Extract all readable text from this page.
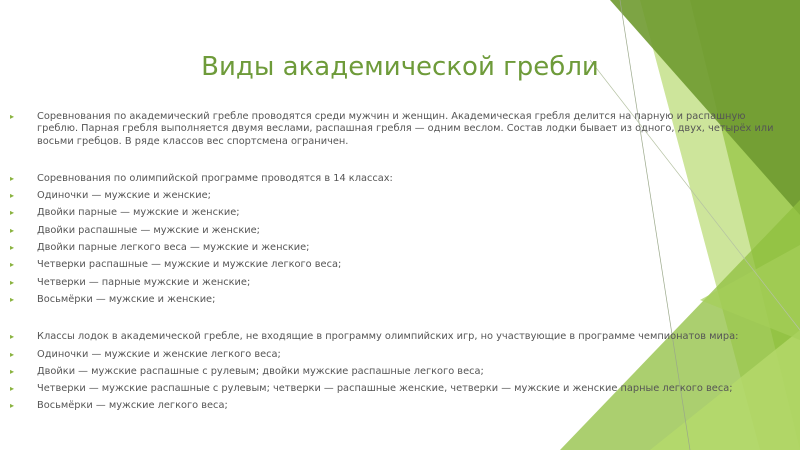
Виды академической гребли
▸ Соревнования по академический гребле проводятся среди мужчин и женщин. Академическая гребля делится на парную и распашную греблю. Парная гребля выполняется двумя веслами, распашная гребля — одним веслом. Состав лодки бывает из одного, двух, четырёх или восьми гребцов. В ряде классов вес спортсмена ограничен.
▸ Соревнования по олимпийской программе проводятся в 14 классах:
▸ Одиночки — мужские и женские;
▸ Двойки парные — мужские и женские;
▸ Двойки распашные — мужские и женские;
▸ Двойки парные легкого веса — мужские и женские;
▸ Четверки распашные — мужские и мужские легкого веса;
▸ Четверки — парные мужские и женские;
▸ Восьмёрки — мужские и женские;
▸ Классы лодок в академической гребле, не входящие в программу олимпийских игр, но участвующие в программе чемпионатов мира:
▸ Одиночки — мужские и женские легкого веса;
▸ Двойки — мужские распашные с рулевым; двойки мужские распашные легкого веса;
▸ Четверки — мужские распашные с рулевым; четверки — распашные женские, четверки — мужские и женские парные легкого веса;
▸ Восьмёрки — мужские легкого веса;
